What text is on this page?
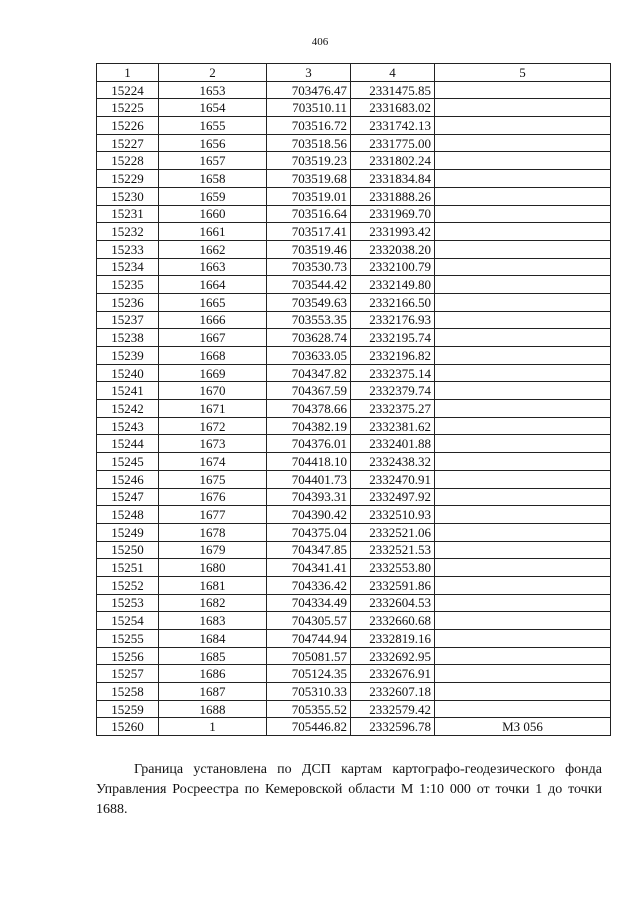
406
1	2	3	4	5
15224	1653	703476.47	2331475.85	
15225	1654	703510.11	2331683.02	
15226	1655	703516.72	2331742.13	
15227	1656	703518.56	2331775.00	
15228	1657	703519.23	2331802.24	
15229	1658	703519.68	2331834.84	
15230	1659	703519.01	2331888.26	
15231	1660	703516.64	2331969.70	
15232	1661	703517.41	2331993.42	
15233	1662	703519.46	2332038.20	
15234	1663	703530.73	2332100.79	
15235	1664	703544.42	2332149.80	
15236	1665	703549.63	2332166.50	
15237	1666	703553.35	2332176.93	
15238	1667	703628.74	2332195.74	
15239	1668	703633.05	2332196.82	
15240	1669	704347.82	2332375.14	
15241	1670	704367.59	2332379.74	
15242	1671	704378.66	2332375.27	
15243	1672	704382.19	2332381.62	
15244	1673	704376.01	2332401.88	
15245	1674	704418.10	2332438.32	
15246	1675	704401.73	2332470.91	
15247	1676	704393.31	2332497.92	
15248	1677	704390.42	2332510.93	
15249	1678	704375.04	2332521.06	
15250	1679	704347.85	2332521.53	
15251	1680	704341.41	2332553.80	
15252	1681	704336.42	2332591.86	
15253	1682	704334.49	2332604.53	
15254	1683	704305.57	2332660.68	
15255	1684	704744.94	2332819.16	
15256	1685	705081.57	2332692.95	
15257	1686	705124.35	2332676.91	
15258	1687	705310.33	2332607.18	
15259	1688	705355.52	2332579.42	
15260	1	705446.82	2332596.78	МЗ 056
Граница установлена по ДСП картам картографо-геодезического фонда Управления Росреестра по Кемеровской области М 1:10 000 от точки 1 до точки 1688.
